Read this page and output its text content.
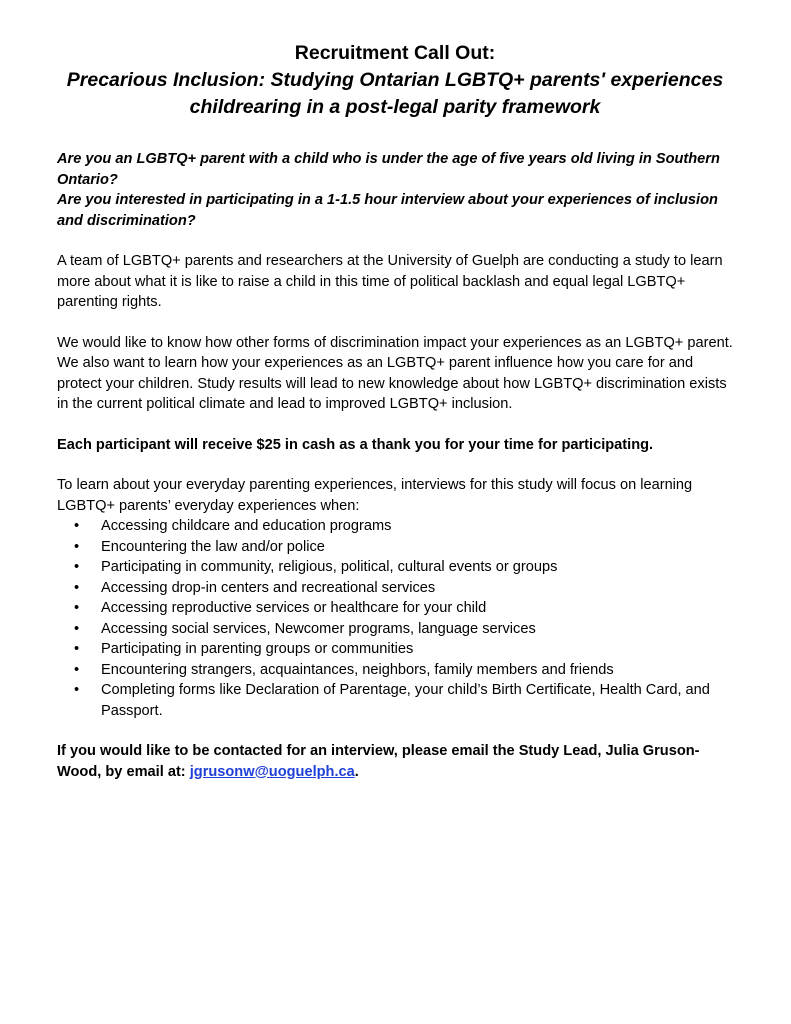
Recruitment Call Out:

Precarious Inclusion: Studying Ontarian LGBTQ+ parents' experiences childrearing in a post-legal parity framework

Are you an LGBTQ+ parent with a child who is under the age of five years old living in Southern Ontario?

Are you interested in participating in a 1-1.5 hour interview about your experiences of inclusion and discrimination?

A team of LGBTQ+ parents and researchers at the University of Guelph are conducting a study to learn more about what it is like to raise a child in this time of political backlash and equal legal LGBTQ+ parenting rights.

We would like to know how other forms of discrimination impact your experiences as an LGBTQ+ parent. We also want to learn how your experiences as an LGBTQ+ parent influence how you care for and protect your children. Study results will lead to new knowledge about how LGBTQ+ discrimination exists in the current political climate and lead to improved LGBTQ+ inclusion.

Each participant will receive $25 in cash as a thank you for your time for participating.

To learn about your everyday parenting experiences, interviews for this study will focus on learning LGBTQ+ parents’ everyday experiences when:

• Accessing childcare and education programs
• Encountering the law and/or police
• Participating in community, religious, political, cultural events or groups
• Accessing drop-in centers and recreational services
• Accessing reproductive services or healthcare for your child
• Accessing social services, Newcomer programs, language services
• Participating in parenting groups or communities
• Encountering strangers, acquaintances, neighbors, family members and friends
• Completing forms like Declaration of Parentage, your child’s Birth Certificate, Health Card, and Passport.

If you would like to be contacted for an interview, please email the Study Lead, Julia Gruson-Wood, by email at: jgrusonw@uoguelph.ca.
